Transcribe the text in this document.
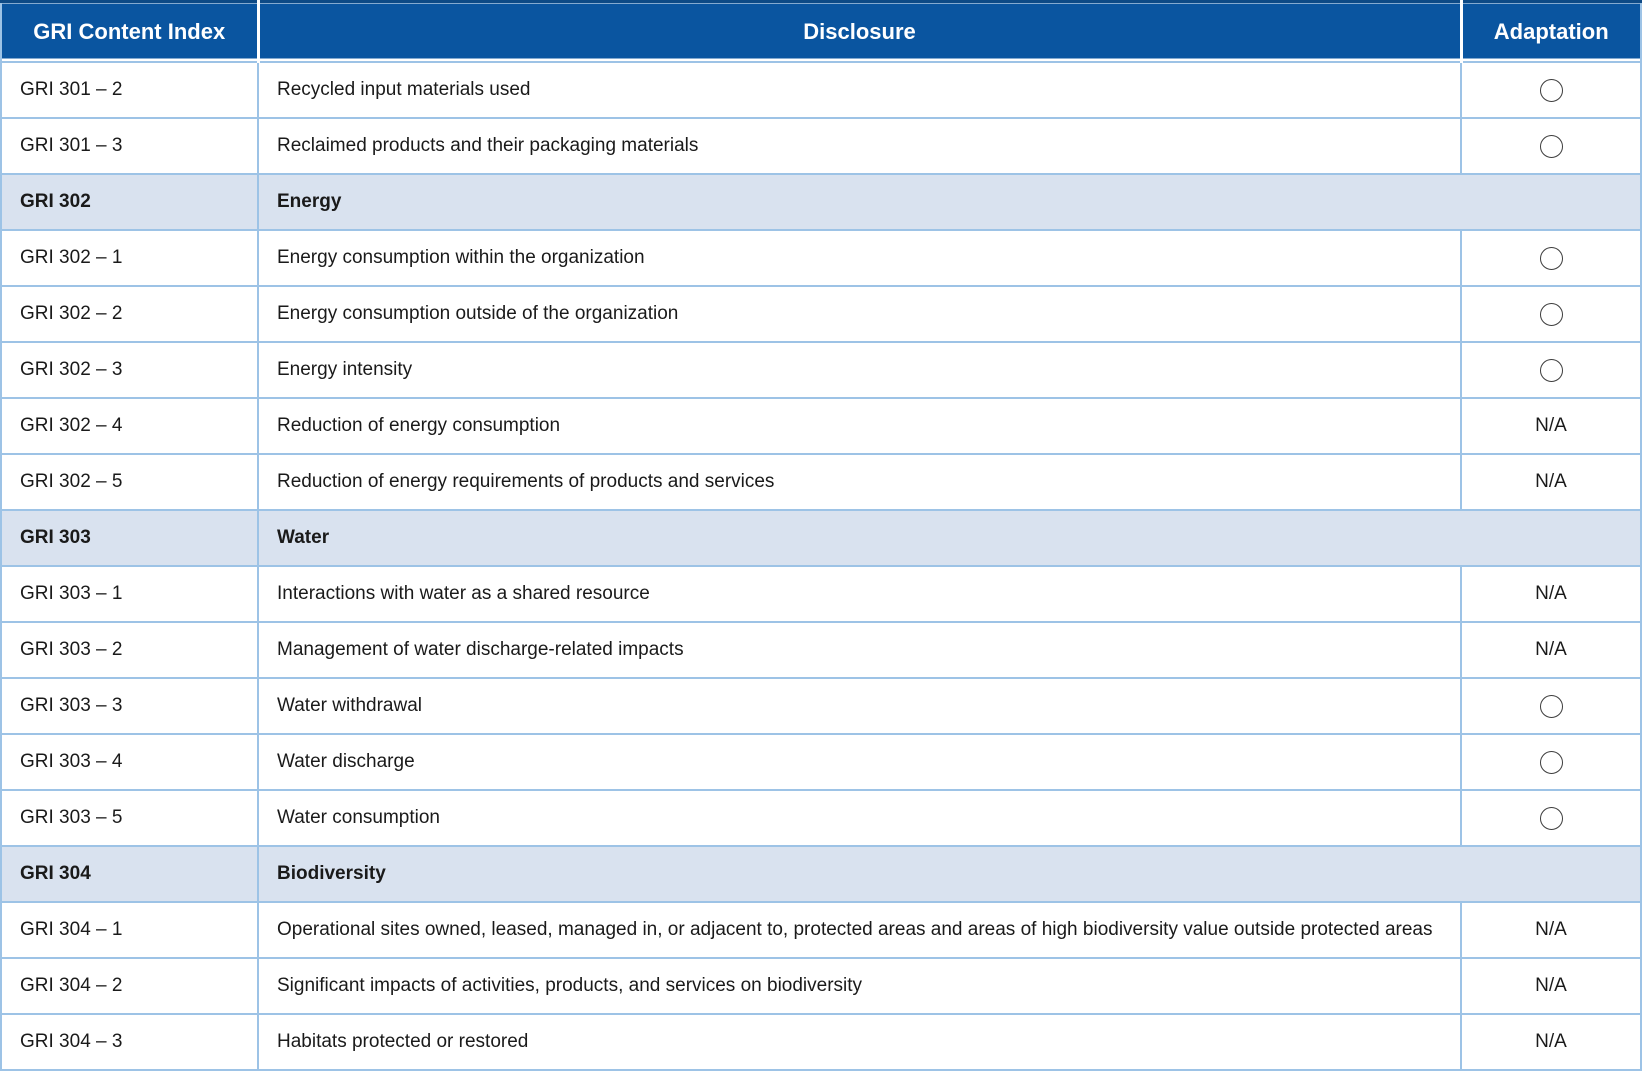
GRI Content Index	Disclosure	Adaptation
GRI 301 – 2	Recycled input materials used	
GRI 301 – 3	Reclaimed products and their packaging materials	
GRI 302	Energy	
GRI 302 – 1	Energy consumption within the organization	
GRI 302 – 2	Energy consumption outside of the organization	
GRI 302 – 3	Energy intensity	
GRI 302 – 4	Reduction of energy consumption	N/A
GRI 302 – 5	Reduction of energy requirements of products and services	N/A
GRI 303	Water	
GRI 303 – 1	Interactions with water as a shared resource	N/A
GRI 303 – 2	Management of water discharge-related impacts	N/A
GRI 303 – 3	Water withdrawal	
GRI 303 – 4	Water discharge	
GRI 303 – 5	Water consumption	
GRI 304	Biodiversity	
GRI 304 – 1	Operational sites owned, leased, managed in, or adjacent to, protected areas and areas of high biodiversity value outside protected areas	N/A
GRI 304 – 2	Significant impacts of activities, products, and services on biodiversity	N/A
GRI 304 – 3	Habitats protected or restored	N/A
